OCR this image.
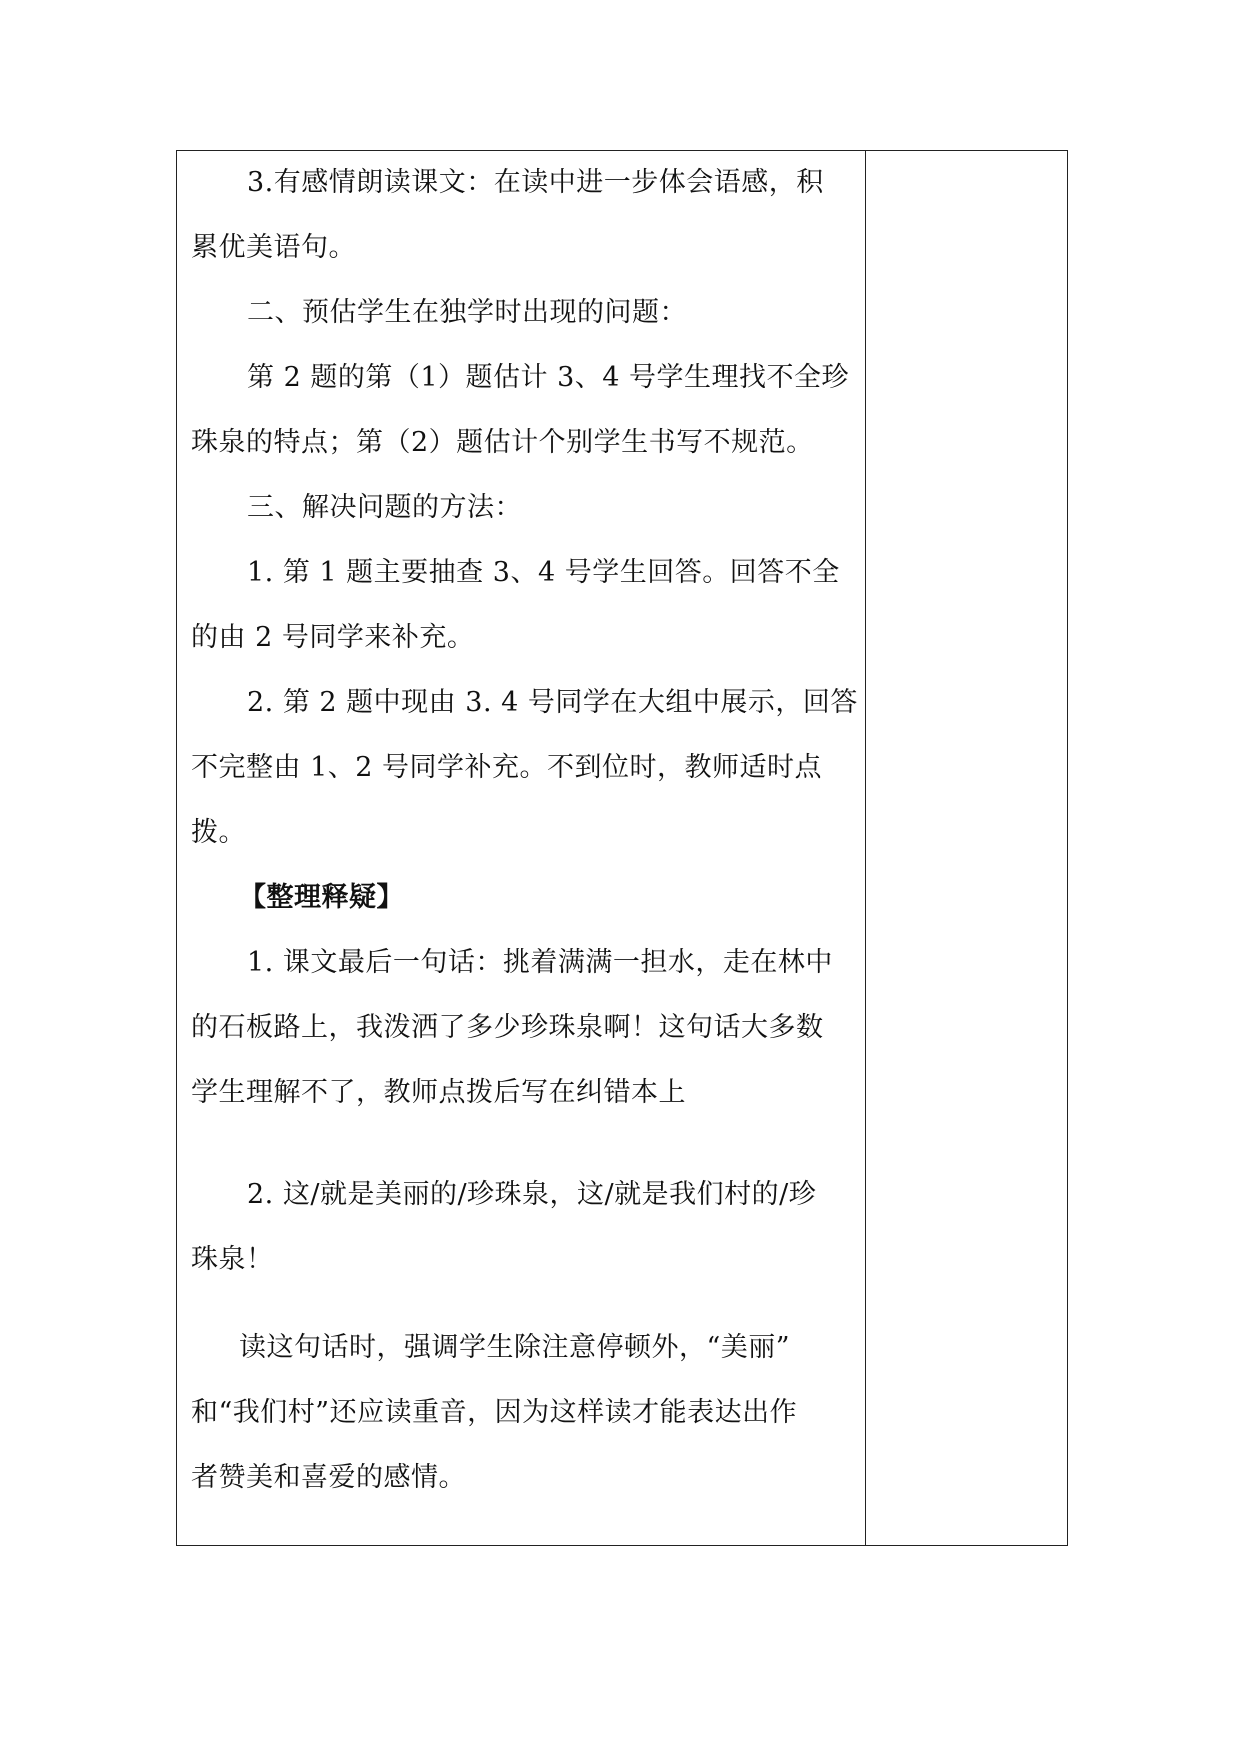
3.有感情朗读课文：在读中进一步体会语感，积
累优美语句。
二、预估学生在独学时出现的问题：
第 2 题的第（1）题估计 3、4 号学生理找不全珍
珠泉的特点；第（2）题估计个别学生书写不规范。
三、解决问题的方法：
1. 第 1 题主要抽查 3、4 号学生回答。回答不全
的由 2 号同学来补充。
2. 第 2 题中现由 3. 4 号同学在大组中展示，回答
不完整由 1、2 号同学补充。不到位时，教师适时点
拨。
【整理释疑】
1. 课文最后一句话：挑着满满一担水，走在林中
的石板路上，我泼洒了多少珍珠泉啊！这句话大多数
学生理解不了，教师点拨后写在纠错本上
2. 这/就是美丽的/珍珠泉，这/就是我们村的/珍
珠泉！
读这句话时，强调学生除注意停顿外，“美丽”
和“我们村”还应读重音，因为这样读才能表达出作
者赞美和喜爱的感情。
